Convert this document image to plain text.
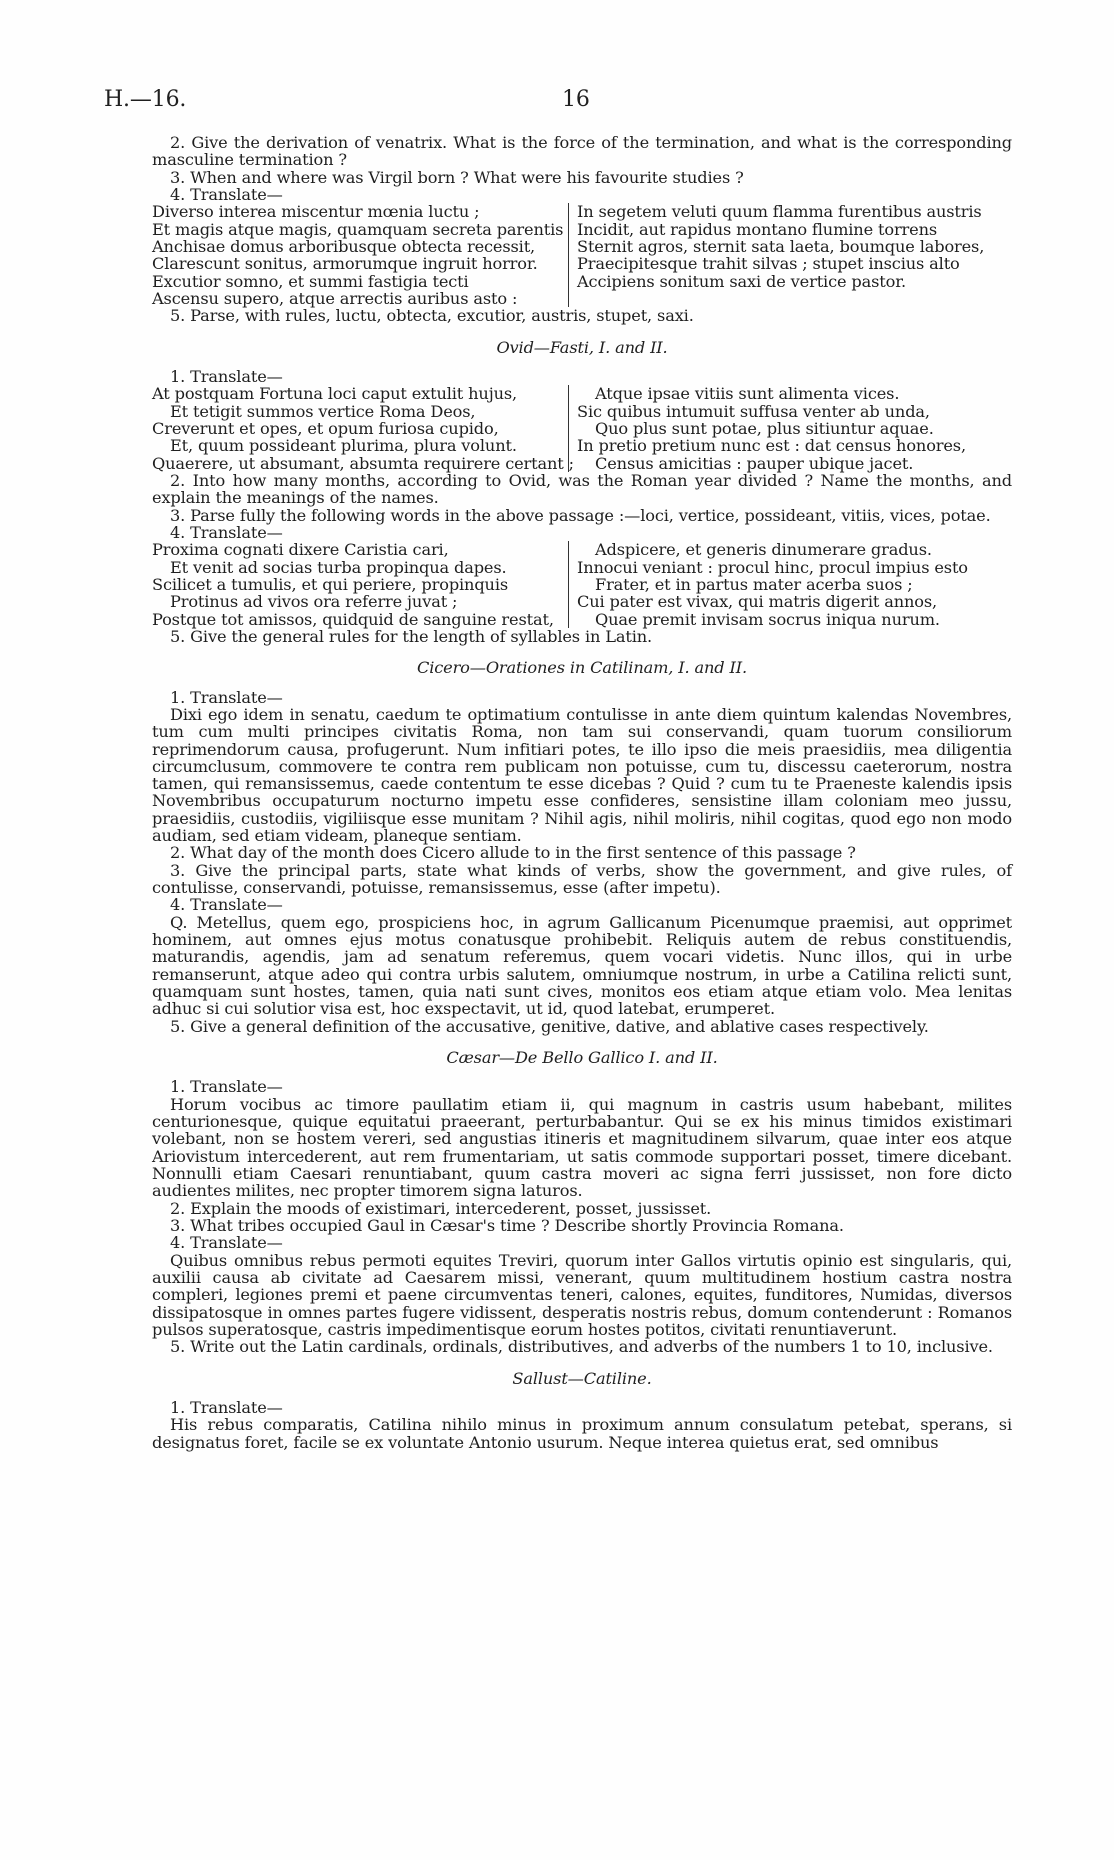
H.—16.	16

2. Give the derivation of venatrix. What is the force of the termination, and what is the corresponding masculine termination ?

3. When and where was Virgil born ? What were his favourite studies ?

4. Translate—

Diverso interea miscentur mœnia luctu ;
Et magis atque magis, quamquam secreta parentis
Anchisae domus arboribusque obtecta recessit,
Clarescunt sonitus, armorumque ingruit horror.
Excutior somno, et summi fastigia tecti
Ascensu supero, atque arrectis auribus asto :
In segetem veluti quum flamma furentibus austris
Incidit, aut rapidus montano flumine torrens
Sternit agros, sternit sata laeta, boumque labores,
Praecipitesque trahit silvas ; stupet inscius alto
Accipiens sonitum saxi de vertice pastor.

5. Parse, with rules, luctu, obtecta, excutior, austris, stupet, saxi.

Ovid—Fasti, I. and II.

1. Translate—

At postquam Fortuna loci caput extulit hujus,
Et tetigit summos vertice Roma Deos,
Creverunt et opes, et opum furiosa cupido,
Et, quum possideant plurima, plura volunt.
Quaerere, ut absumant, absumta requirere certant ;
Atque ipsae vitiis sunt alimenta vices.
Sic quibus intumuit suffusa venter ab unda,
Quo plus sunt potae, plus sitiuntur aquae.
In pretio pretium nunc est : dat census honores,
Census amicitias : pauper ubique jacet.

2. Into how many months, according to Ovid, was the Roman year divided ? Name the months, and explain the meanings of the names.

3. Parse fully the following words in the above passage :—loci, vertice, possideant, vitiis, vices, potae.

4. Translate—

Proxima cognati dixere Caristia cari,
Et venit ad socias turba propinqua dapes.
Scilicet a tumulis, et qui periere, propinquis
Protinus ad vivos ora referre juvat ;
Postque tot amissos, quidquid de sanguine restat,
Adspicere, et generis dinumerare gradus.
Innocui veniant : procul hinc, procul impius esto
Frater, et in partus mater acerba suos ;
Cui pater est vivax, qui matris digerit annos,
Quae premit invisam socrus iniqua nurum.

5. Give the general rules for the length of syllables in Latin.

Cicero—Orationes in Catilinam, I. and II.

1. Translate—

Dixi ego idem in senatu, caedum te optimatium contulisse in ante diem quintum kalendas Novembres, tum cum multi principes civitatis Roma, non tam sui conservandi, quam tuorum consiliorum reprimendorum causa, profugerunt. Num infitiari potes, te illo ipso die meis praesidiis, mea diligentia circumclusum, commovere te contra rem publicam non potuisse, cum tu, discessu caeterorum, nostra tamen, qui remansissemus, caede contentum te esse dicebas ? Quid ? cum tu te Praeneste kalendis ipsis Novembribus occupaturum nocturno impetu esse confideres, sensistine illam coloniam meo jussu, praesidiis, custodiis, vigiliisque esse munitam ? Nihil agis, nihil moliris, nihil cogitas, quod ego non modo audiam, sed etiam videam, planeque sentiam.

2. What day of the month does Cicero allude to in the first sentence of this passage ?

3. Give the principal parts, state what kinds of verbs, show the government, and give rules, of contulisse, conservandi, potuisse, remansissemus, esse (after impetu).

4. Translate—

Q. Metellus, quem ego, prospiciens hoc, in agrum Gallicanum Picenumque praemisi, aut opprimet hominem, aut omnes ejus motus conatusque prohibebit. Reliquis autem de rebus constituendis, maturandis, agendis, jam ad senatum referemus, quem vocari videtis. Nunc illos, qui in urbe remanserunt, atque adeo qui contra urbis salutem, omniumque nostrum, in urbe a Catilina relicti sunt, quamquam sunt hostes, tamen, quia nati sunt cives, monitos eos etiam atque etiam volo. Mea lenitas adhuc si cui solutior visa est, hoc exspectavit, ut id, quod latebat, erumperet.

5. Give a general definition of the accusative, genitive, dative, and ablative cases respectively.

Cæsar—De Bello Gallico I. and II.

1. Translate—

Horum vocibus ac timore paullatim etiam ii, qui magnum in castris usum habebant, milites centurionesque, quique equitatui praeerant, perturbabantur. Qui se ex his minus timidos existimari volebant, non se hostem vereri, sed angustias itineris et magnitudinem silvarum, quae inter eos atque Ariovistum intercederent, aut rem frumentariam, ut satis commode supportari posset, timere dicebant. Nonnulli etiam Caesari renuntiabant, quum castra moveri ac signa ferri jussisset, non fore dicto audientes milites, nec propter timorem signa laturos.

2. Explain the moods of existimari, intercederent, posset, jussisset.

3. What tribes occupied Gaul in Cæsar's time ? Describe shortly Provincia Romana.

4. Translate—

Quibus omnibus rebus permoti equites Treviri, quorum inter Gallos virtutis opinio est singularis, qui, auxilii causa ab civitate ad Caesarem missi, venerant, quum multitudinem hostium castra nostra compleri, legiones premi et paene circumventas teneri, calones, equites, funditores, Numidas, diversos dissipatosque in omnes partes fugere vidissent, desperatis nostris rebus, domum contenderunt : Romanos pulsos superatosque, castris impedimentisque eorum hostes potitos, civitati renuntiaverunt.

5. Write out the Latin cardinals, ordinals, distributives, and adverbs of the numbers 1 to 10, inclusive.

Sallust—Catiline.

1. Translate—

His rebus comparatis, Catilina nihilo minus in proximum annum consulatum petebat, sperans, si designatus foret, facile se ex voluntate Antonio usurum. Neque interea quietus erat, sed omnibus
